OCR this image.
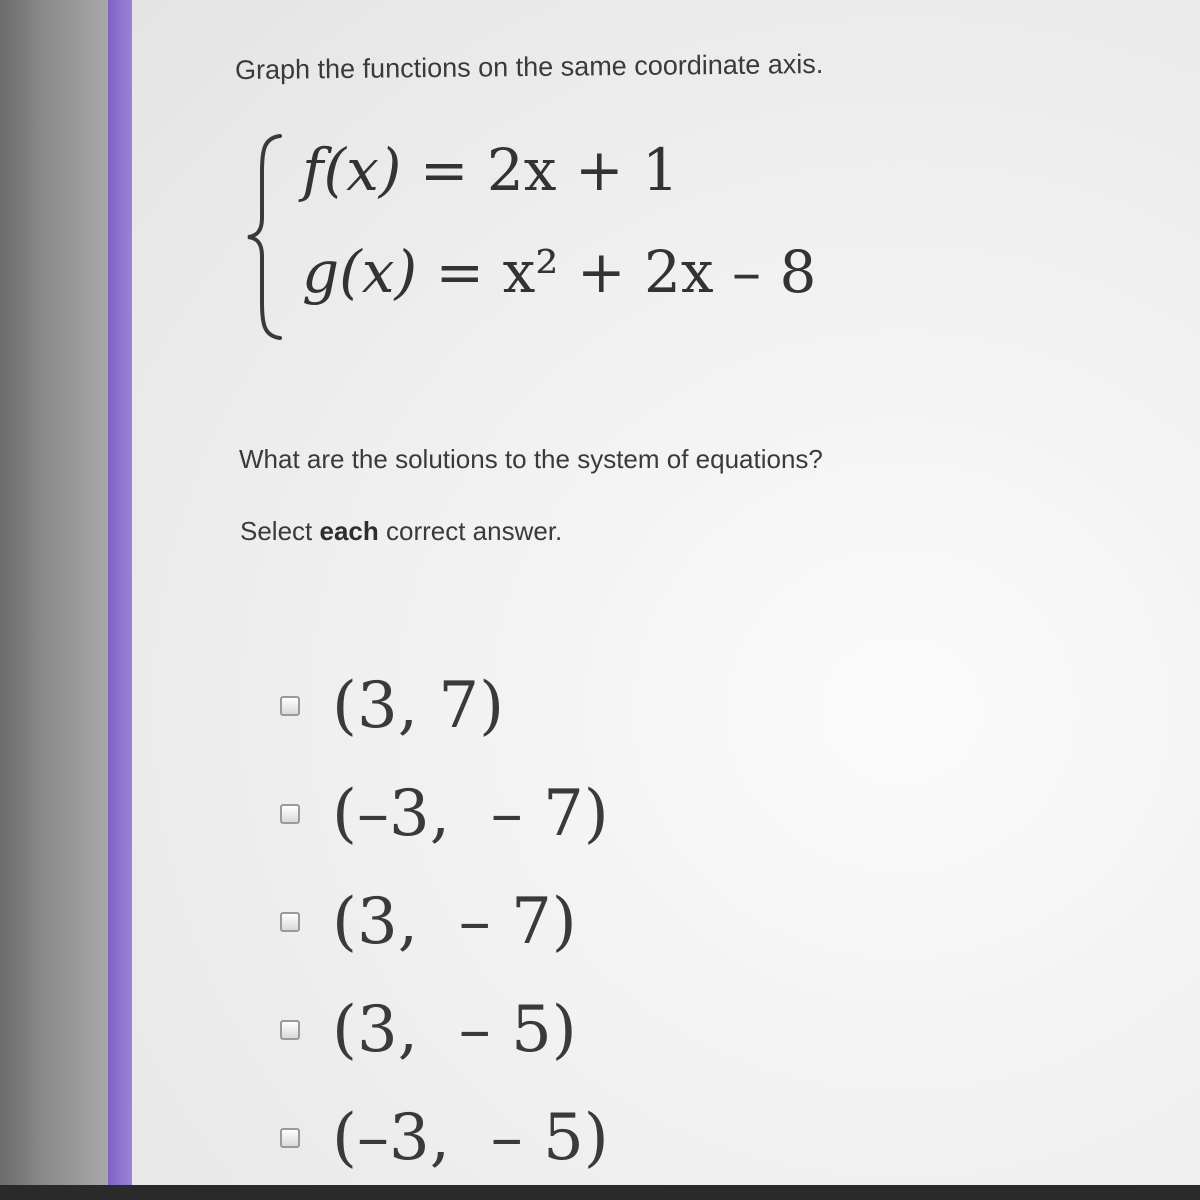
Graph the functions on the same coordinate axis.
f(x) = 2x + 1
g(x) = x² + 2x – 8
What are the solutions to the system of equations?
Select each correct answer.
(3, 7)
(–3,  – 7)
(3,  – 7)
(3,  – 5)
(–3,  – 5)
